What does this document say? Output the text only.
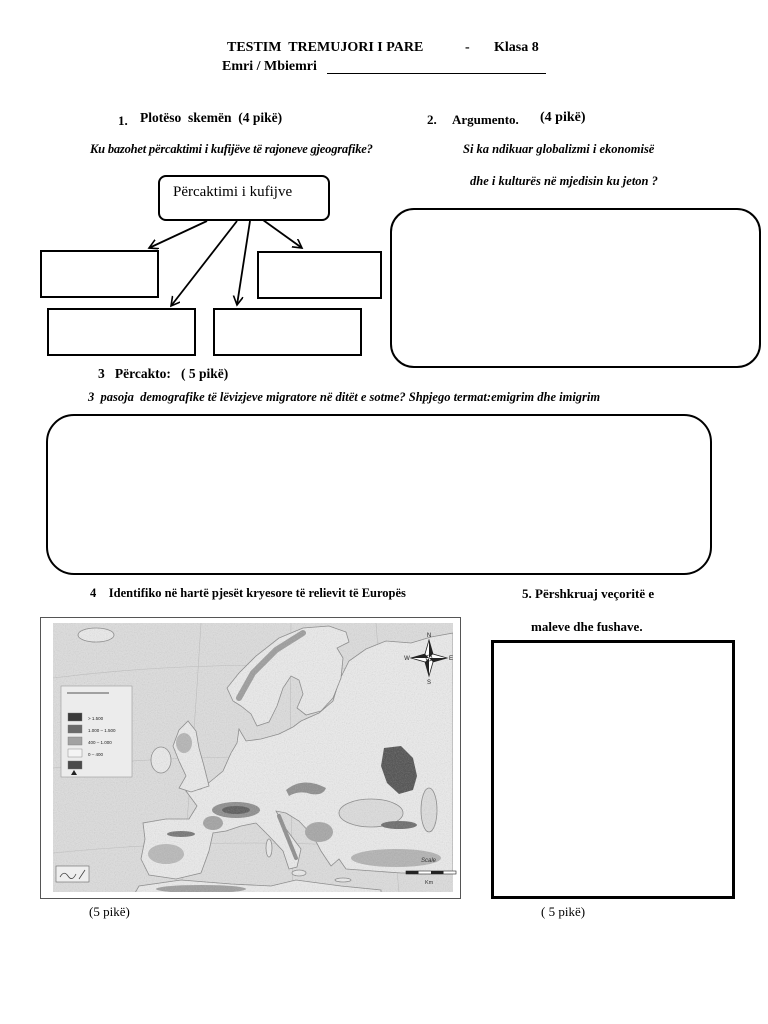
TESTIM  TREMUJORI I PARE	- Klasa 8
Emri / Mbiemri
1. Plotëso  skemën  (4 pikë)
Ku bazohet përcaktimi i kufijëve të rajoneve gjeografike?
Përcaktimi i kufijve
2. Argumento. (4 pikë)
Si ka ndikuar globalizmi i ekonomisë
dhe i kulturës në mjedisin ku jeton ?
3   Përcakto:   ( 5 pikë)
3  pasoja  demografike të lëvizjeve migratore në ditët e sotme? Shpjego termat:emigrim dhe imigrim
4    Identifiko në hartë pjesët kryesore të relievit të Europës
> 1.500
1.000 – 1.500
400 – 1.000
0 – 400
N
S
W	E
Scale
Km
(5 pikë)
5. Përshkruaj veçoritë e
maleve dhe fushave.
( 5 pikë)
